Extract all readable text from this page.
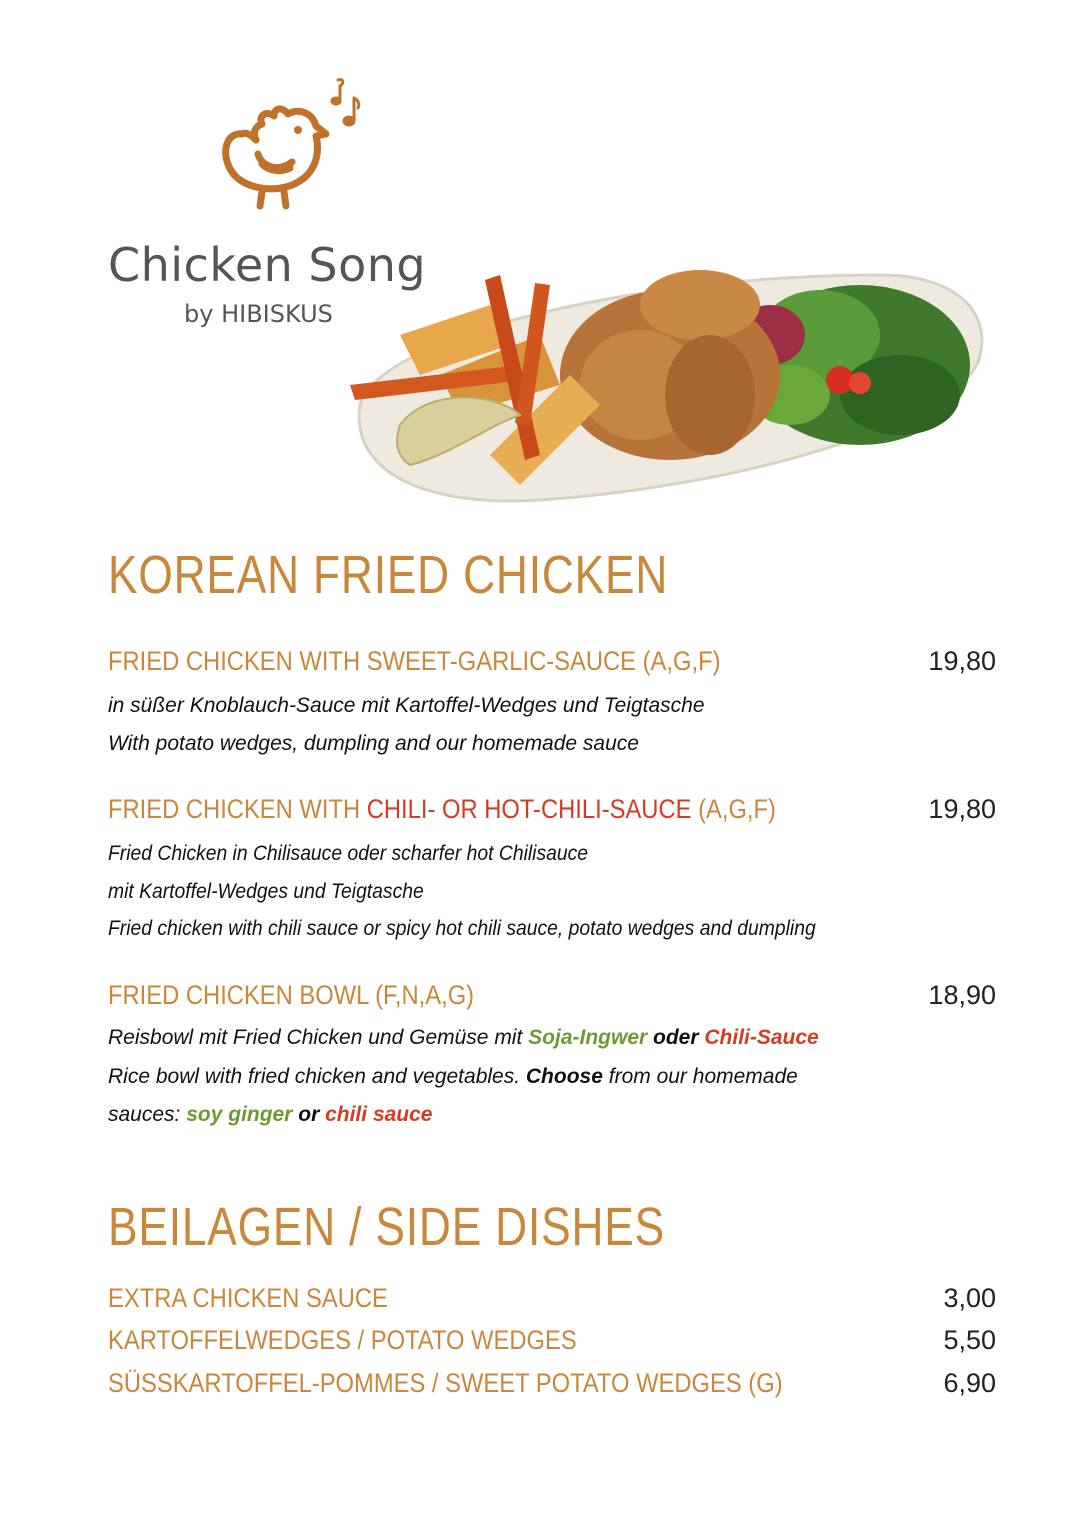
Chicken Song
by HIBISKUS
KOREAN FRIED CHICKEN
FRIED CHICKEN WITH SWEET-GARLIC-SAUCE (A,G,F)	19,80
in süßer Knoblauch-Sauce mit Kartoffel-Wedges und Teigtasche
With potato wedges, dumpling and our homemade sauce
FRIED CHICKEN WITH CHILI- OR HOT-CHILI-SAUCE (A,G,F)	19,80
Fried Chicken in Chilisauce oder scharfer hot Chilisauce
mit Kartoffel-Wedges und Teigtasche
Fried chicken with chili sauce or spicy hot chili sauce, potato wedges and dumpling
FRIED CHICKEN BOWL (F,N,A,G)	18,90
Reisbowl mit Fried Chicken und Gemüse mit Soja-Ingwer oder Chili-Sauce
Rice bowl with fried chicken and vegetables. Choose from our homemade
sauces: soy ginger or chili sauce
BEILAGEN / SIDE DISHES
EXTRA CHICKEN SAUCE	3,00
KARTOFFELWEDGES / POTATO WEDGES	5,50
SÜSSKARTOFFEL-POMMES / SWEET POTATO WEDGES (G)	6,90
